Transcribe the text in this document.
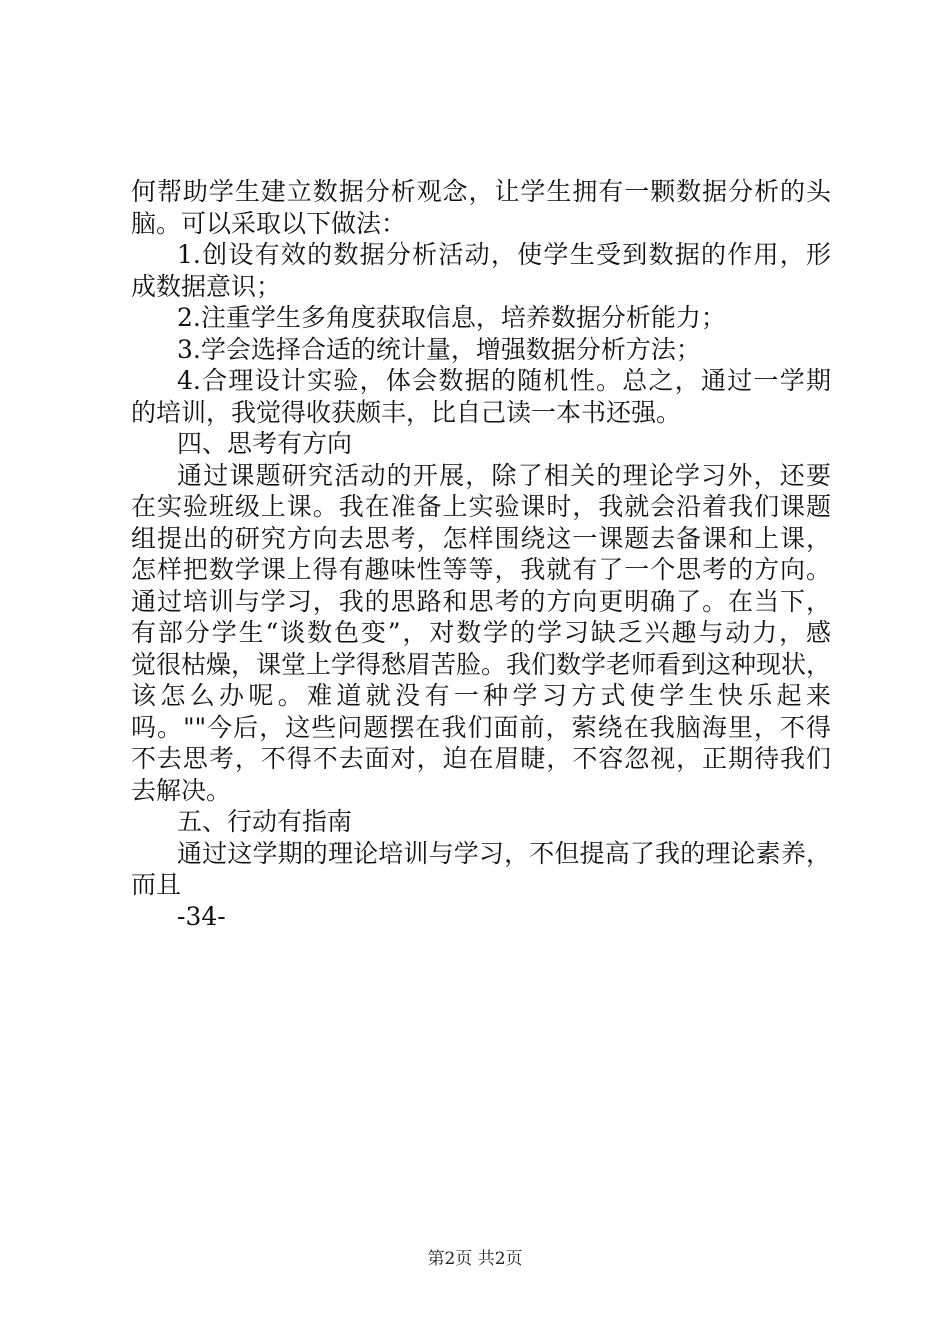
何帮助学生建立数据分析观念，让学生拥有一颗数据分析的头
脑。可以采取以下做法：
1.创设有效的数据分析活动，使学生受到数据的作用，形
成数据意识；
2.注重学生多角度获取信息，培养数据分析能力；
3.学会选择合适的统计量，增强数据分析方法；
4.合理设计实验，体会数据的随机性。总之，通过一学期
的培训，我觉得收获颇丰，比自己读一本书还强。
四、思考有方向
通过课题研究活动的开展，除了相关的理论学习外，还要
在实验班级上课。我在准备上实验课时，我就会沿着我们课题
组提出的研究方向去思考，怎样围绕这一课题去备课和上课，
怎样把数学课上得有趣味性等等，我就有了一个思考的方向。
通过培训与学习，我的思路和思考的方向更明确了。在当下，
有部分学生“谈数色变”，对数学的学习缺乏兴趣与动力，感
觉很枯燥，课堂上学得愁眉苦脸。我们数学老师看到这种现状，
该怎么办呢。难道就没有一种学习方式使学生快乐起来
吗。""今后，这些问题摆在我们面前，萦绕在我脑海里，不得
不去思考，不得不去面对，迫在眉睫，不容忽视，正期待我们
去解决。
五、行动有指南
通过这学期的理论培训与学习，不但提高了我的理论素养，
而且
-34-
第2页 共2页
